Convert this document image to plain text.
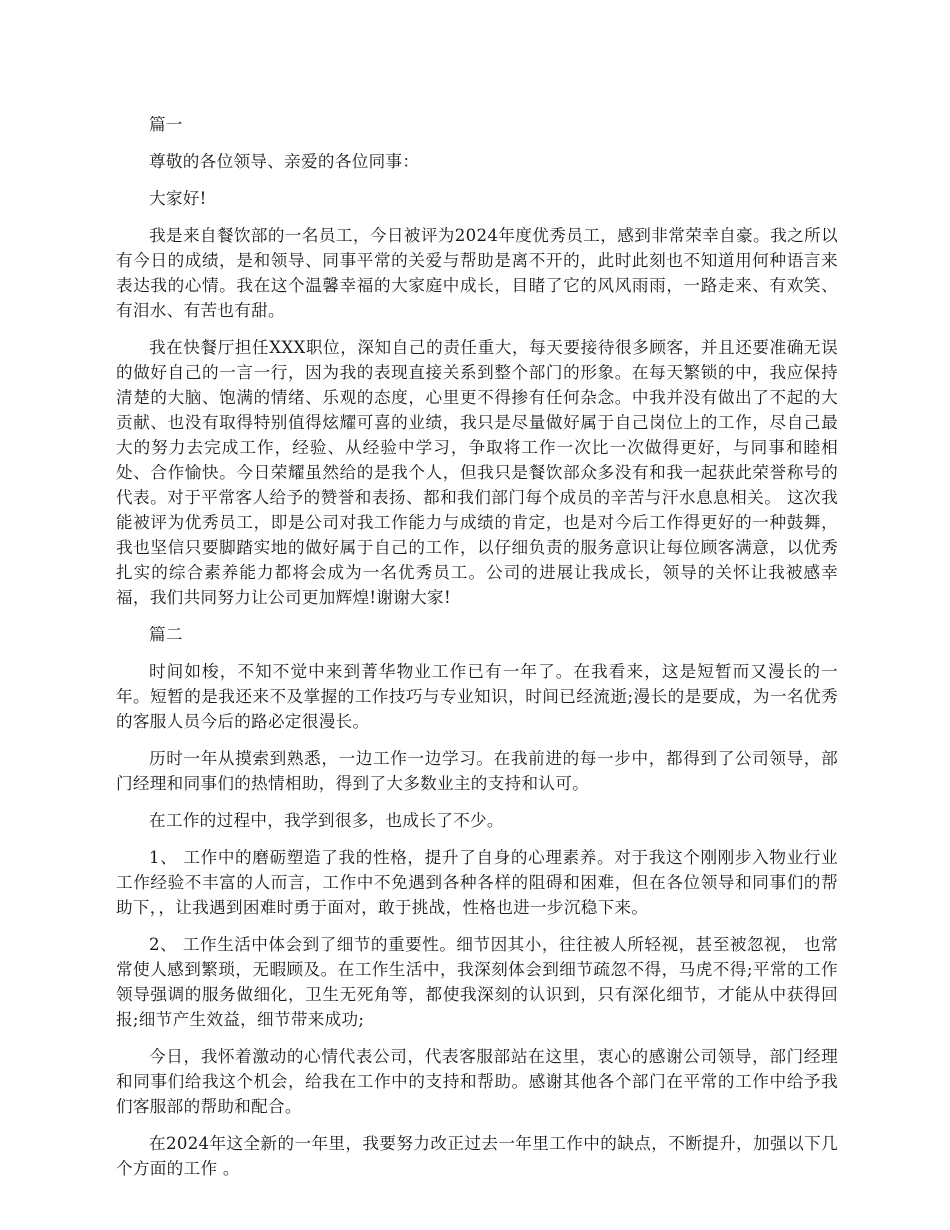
篇一

尊敬的各位领导、亲爱的各位同事：

大家好!

我是来自餐饮部的一名员工，今日被评为2024年度优秀员工，感到非常荣幸自豪。我之所以有今日的成绩，是和领导、同事平常的关爱与帮助是离不开的，此时此刻也不知道用何种语言来表达我的心情。我在这个温馨幸福的大家庭中成长，目睹了它的风风雨雨，一路走来、有欢笑、有泪水、有苦也有甜。

我在快餐厅担任XXX职位，深知自己的责任重大，每天要接待很多顾客，并且还要准确无误的做好自己的一言一行，因为我的表现直接关系到整个部门的形象。在每天繁锁的中，我应保持清楚的大脑、饱满的情绪、乐观的态度，心里更不得掺有任何杂念。中我并没有做出了不起的大贡献、也没有取得特别值得炫耀可喜的业绩，我只是尽量做好属于自己岗位上的工作，尽自己最大的努力去完成工作，经验、从经验中学习，争取将工作一次比一次做得更好，与同事和睦相处、合作愉快。今日荣耀虽然给的是我个人，但我只是餐饮部众多没有和我一起获此荣誉称号的代表。对于平常客人给予的赞誉和表扬、都和我们部门每个成员的辛苦与汗水息息相关。 这次我能被评为优秀员工，即是公司对我工作能力与成绩的肯定，也是对今后工作得更好的一种鼓舞，我也坚信只要脚踏实地的做好属于自己的工作，以仔细负责的服务意识让每位顾客满意，以优秀扎实的综合素养能力都将会成为一名优秀员工。公司的进展让我成长，领导的关怀让我被感幸福，我们共同努力让公司更加辉煌!谢谢大家!

篇二

时间如梭，不知不觉中来到菁华物业工作已有一年了。在我看来，这是短暂而又漫长的一年。短暂的是我还来不及掌握的工作技巧与专业知识，时间已经流逝;漫长的是要成，为一名优秀的客服人员今后的路必定很漫长。

历时一年从摸索到熟悉，一边工作一边学习。在我前进的每一步中，都得到了公司领导，部门经理和同事们的热情相助，得到了大多数业主的支持和认可。

在工作的过程中，我学到很多，也成长了不少。

1、 工作中的磨砺塑造了我的性格，提升了自身的心理素养。对于我这个刚刚步入物业行业工作经验不丰富的人而言，工作中不免遇到各种各样的阻碍和困难，但在各位领导和同事们的帮助下，，让我遇到困难时勇于面对，敢于挑战，性格也进一步沉稳下来。

2、 工作生活中体会到了细节的重要性。细节因其小，往往被人所轻视，甚至被忽视， 也常常使人感到繁琐，无暇顾及。在工作生活中，我深刻体会到细节疏忽不得，马虎不得;平常的工作领导强调的服务做细化，卫生无死角等，都使我深刻的认识到，只有深化细节，才能从中获得回报;细节产生效益，细节带来成功;

今日，我怀着激动的心情代表公司，代表客服部站在这里，衷心的感谢公司领导，部门经理和同事们给我这个机会，给我在工作中的支持和帮助。感谢其他各个部门在平常的工作中给予我们客服部的帮助和配合。

在2024年这全新的一年里，我要努力改正过去一年里工作中的缺点，不断提升，加强以下几个方面的工作 。
